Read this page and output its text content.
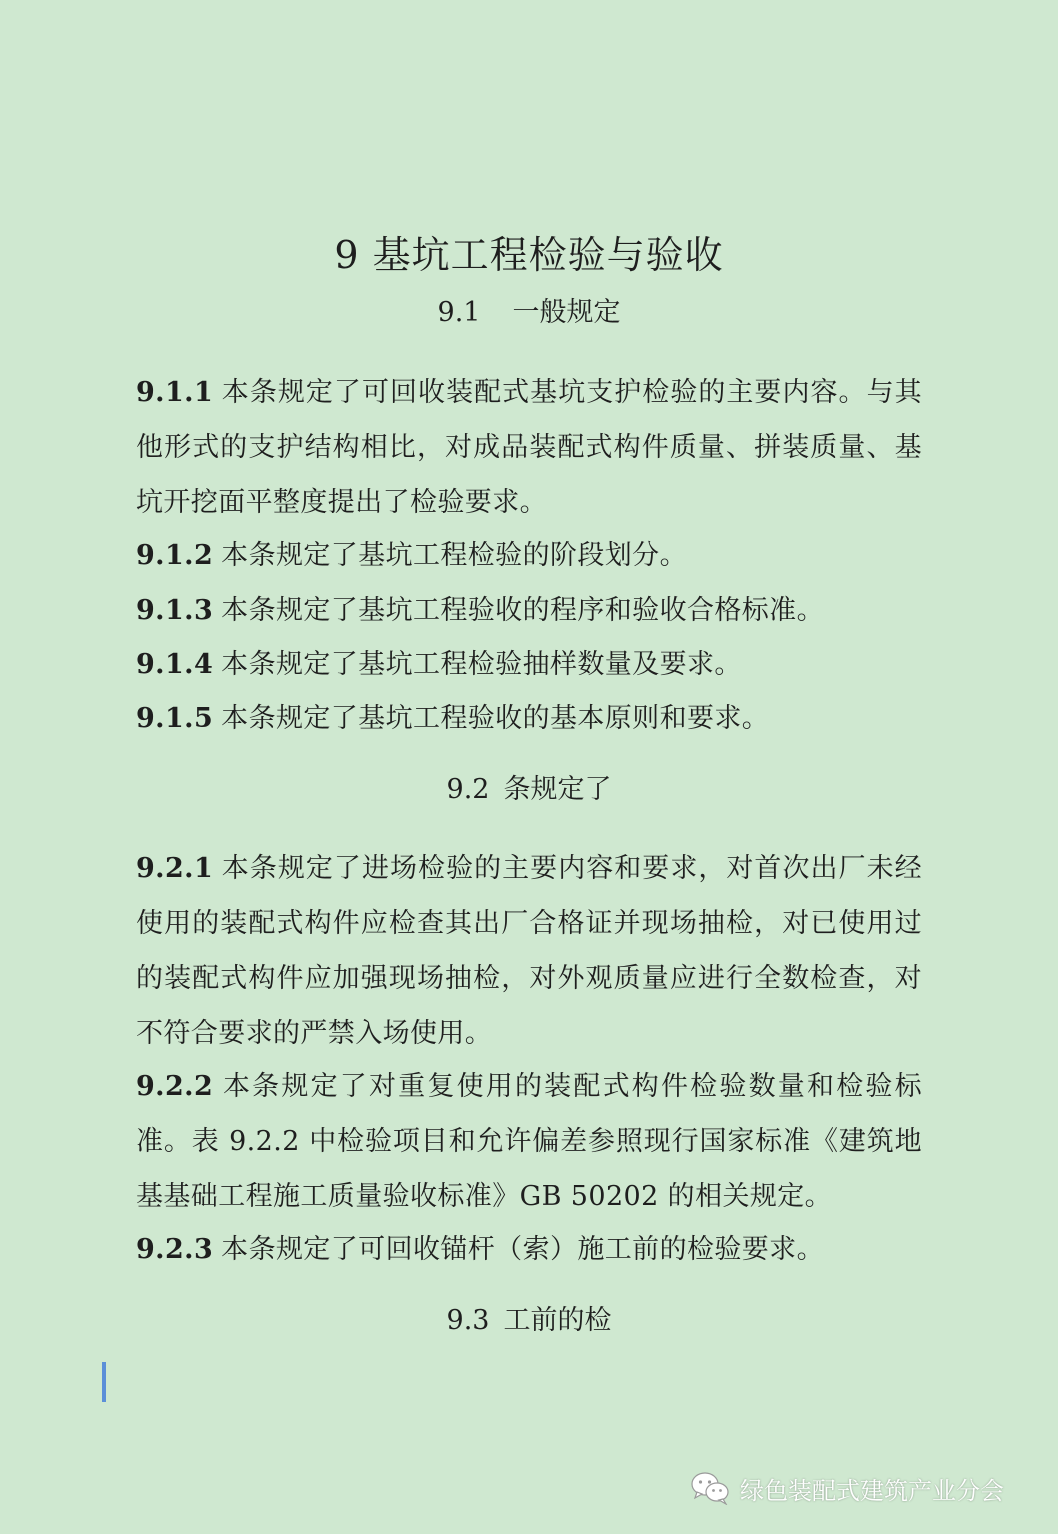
9 基坑工程检验与验收
9.1 一般规定
9.1.1 本条规定了可回收装配式基坑支护检验的主要内容。与其他形式的支护结构相比，对成品装配式构件质量、拼装质量、基坑开挖面平整度提出了检验要求。
9.1.2 本条规定了基坑工程检验的阶段划分。
9.1.3 本条规定了基坑工程验收的程序和验收合格标准。
9.1.4 本条规定了基坑工程检验抽样数量及要求。
9.1.5 本条规定了基坑工程验收的基本原则和要求。
9.2 条规定了
9.2.1 本条规定了进场检验的主要内容和要求，对首次出厂未经使用的装配式构件应检查其出厂合格证并现场抽检，对已使用过的装配式构件应加强现场抽检，对外观质量应进行全数检查，对不符合要求的严禁入场使用。
9.2.2 本条规定了对重复使用的装配式构件检验数量和检验标准。表 9.2.2 中检验项目和允许偏差参照现行国家标准《建筑地基基础工程施工质量验收标准》GB 50202 的相关规定。
9.2.3 本条规定了可回收锚杆（索）施工前的检验要求。
9.3 工前的检
绿色装配式建筑产业分会
